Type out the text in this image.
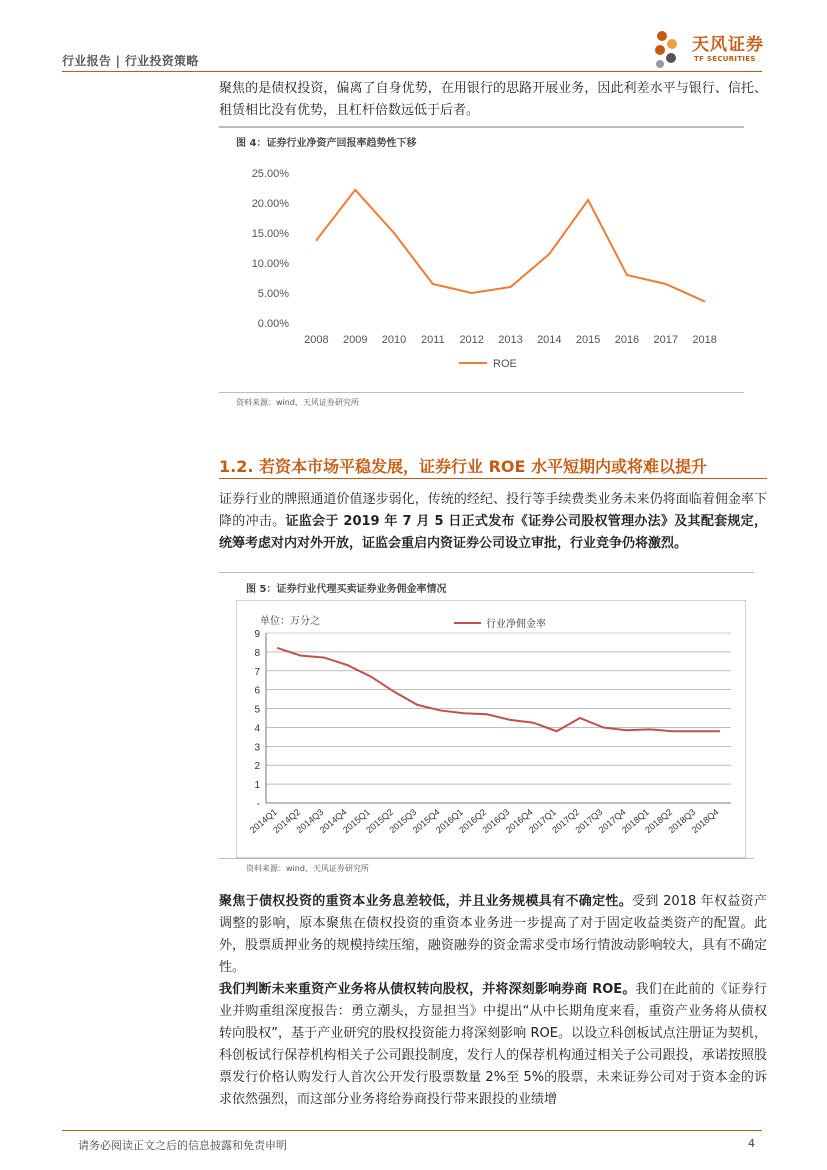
行业报告 | 行业投资策略
天风证券
TF SECURITIES
聚焦的是债权投资，偏离了自身优势，在用银行的思路开展业务，因此利差水平与银行、信托、租赁相比没有优势，且杠杆倍数远低于后者。
图 4：证券行业净资产回报率趋势性下移
0.00%
5.00%
10.00%
15.00%
20.00%
25.00%
2008 2009 2010 2011 2012 2013 2014 2015 2016 2017 2018
ROE
资料来源：wind、天风证券研究所
1.2. 若资本市场平稳发展，证券行业 ROE 水平短期内或将难以提升
证券行业的牌照通道价值逐步弱化，传统的经纪、投行等手续费类业务未来仍将面临着佣金率下降的冲击。证监会于 2019 年 7 月 5 日正式发布《证券公司股权管理办法》及其配套规定，统筹考虑对内对外开放，证监会重启内资证券公司设立审批，行业竞争仍将激烈。
图 5：证券行业代理买卖证券业务佣金率情况
-
1
2
3
4
5
6
7
8
9
单位：万分之
2014Q1
2014Q2
2014Q3
2014Q4
2015Q1
2015Q2
2015Q3
2015Q4
2016Q1
2016Q2
2016Q3
2016Q4
2017Q1
2017Q2
2017Q3
2017Q4
2018Q1
2018Q2
2018Q3
2018Q4
行业净佣金率
资料来源：wind、天风证券研究所
聚焦于债权投资的重资本业务息差较低，并且业务规模具有不确定性。受到 2018 年权益资产调整的影响，原本聚焦在债权投资的重资本业务进一步提高了对于固定收益类资产的配置。此外，股票质押业务的规模持续压缩，融资融券的资金需求受市场行情波动影响较大，具有不确定性。
我们判断未来重资产业务将从债权转向股权，并将深刻影响券商 ROE。我们在此前的《证券行业并购重组深度报告：勇立潮头，方显担当》中提出“从中长期角度来看，重资产业务将从债权转向股权”，基于产业研究的股权投资能力将深刻影响 ROE。以设立科创板试点注册证为契机，科创板试行保荐机构相关子公司跟投制度，发行人的保荐机构通过相关子公司跟投，承诺按照股票发行价格认购发行人首次公开发行股票数量 2%至 5%的股票，未来证券公司对于资本金的诉求依然强烈，而这部分业务将给券商投行带来跟投的业绩增
请务必阅读正文之后的信息披露和免责申明	4
